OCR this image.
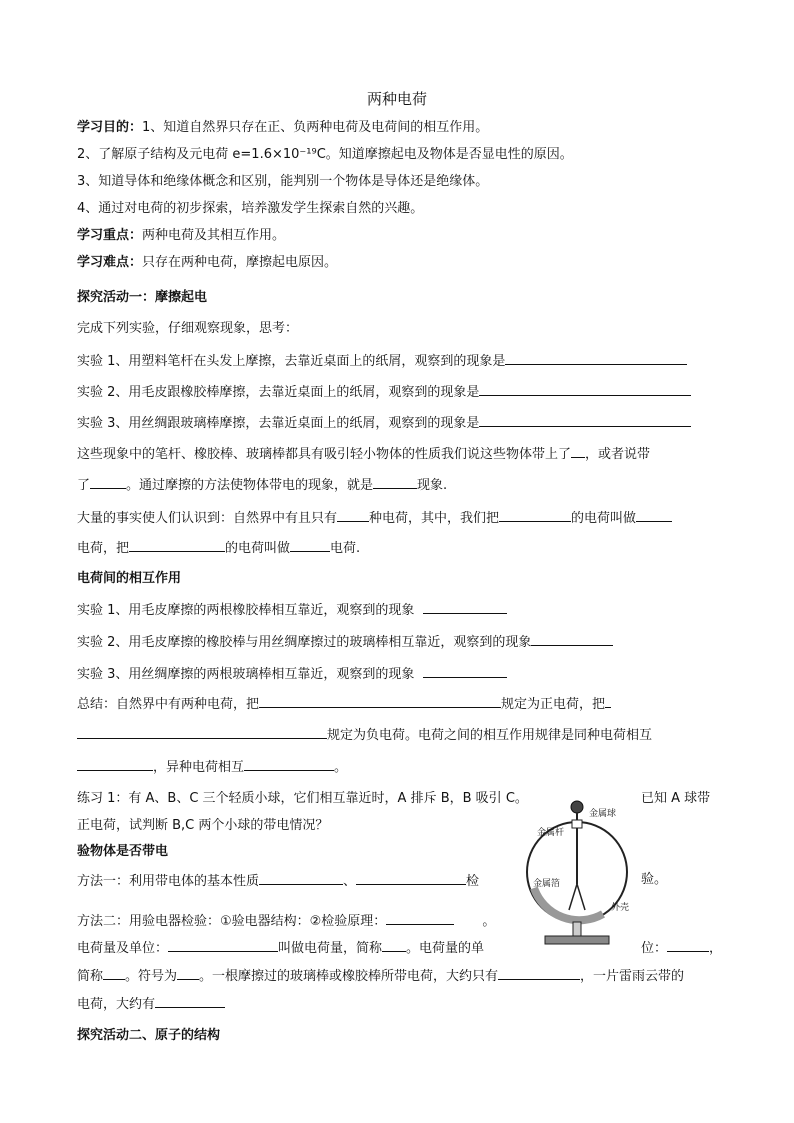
两种电荷
学习目的：1、知道自然界只存在正、负两种电荷及电荷间的相互作用。
2、了解原子结构及元电荷 e=1.6×10⁻¹⁹C。知道摩擦起电及物体是否显电性的原因。
3、知道导体和绝缘体概念和区别，能判别一个物体是导体还是绝缘体。
4、通过对电荷的初步探索，培养激发学生探索自然的兴趣。
学习重点：两种电荷及其相互作用。
学习难点：只存在两种电荷，摩擦起电原因。
探究活动一：摩擦起电
完成下列实验，仔细观察现象，思考：
实验 1、用塑料笔杆在头发上摩擦，去靠近桌面上的纸屑，观察到的现象是
实验 2、用毛皮跟橡胶棒摩擦，去靠近桌面上的纸屑，观察到的现象是
实验 3、用丝绸跟玻璃棒摩擦，去靠近桌面上的纸屑，观察到的现象是
这些现象中的笔杆、橡胶棒、玻璃棒都具有吸引轻小物体的性质我们说这些物体带上了 ，或者说带
了	。通过摩擦的方法使物体带电的现象，就是	现象.
大量的事实使人们认识到：自然界中有且只有 种电荷，其中，我们把	的电荷叫做
电荷，把	的电荷叫做	电荷.
电荷间的相互作用
实验 1、用毛皮摩擦的两根橡胶棒相互靠近，观察到的现象
实验 2、用毛皮摩擦的橡胶棒与用丝绸摩擦过的玻璃棒相互靠近，观察到的现象
实验 3、用丝绸摩擦的两根玻璃棒相互靠近，观察到的现象
总结：自然界中有两种电荷，把	规定为正电荷，把
规定为负电荷。电荷之间的相互作用规律是同种电荷相互
，异种电荷相互	。
练习 1：有 A、B、C 三个轻质小球，它们相互靠近时，A 排斥 B，B 吸引 C。	已知 A 球带
正电荷，试判断 B,C 两个小球的带电情况？
验物体是否带电
方法一：利用带电体的基本性质	、	检	验。
方法二：用验电器检验：①验电器结构：②检验原理：	。
电荷量及单位：	叫做电荷量，简称 。电荷量的单	位：	，
简称 。符号为 。一根摩擦过的玻璃棒或橡胶棒所带电荷，大约只有	，一片雷雨云带的
电荷，大约有
探究活动二、原子的结构
金属球
金属杆
金属箔
外壳
